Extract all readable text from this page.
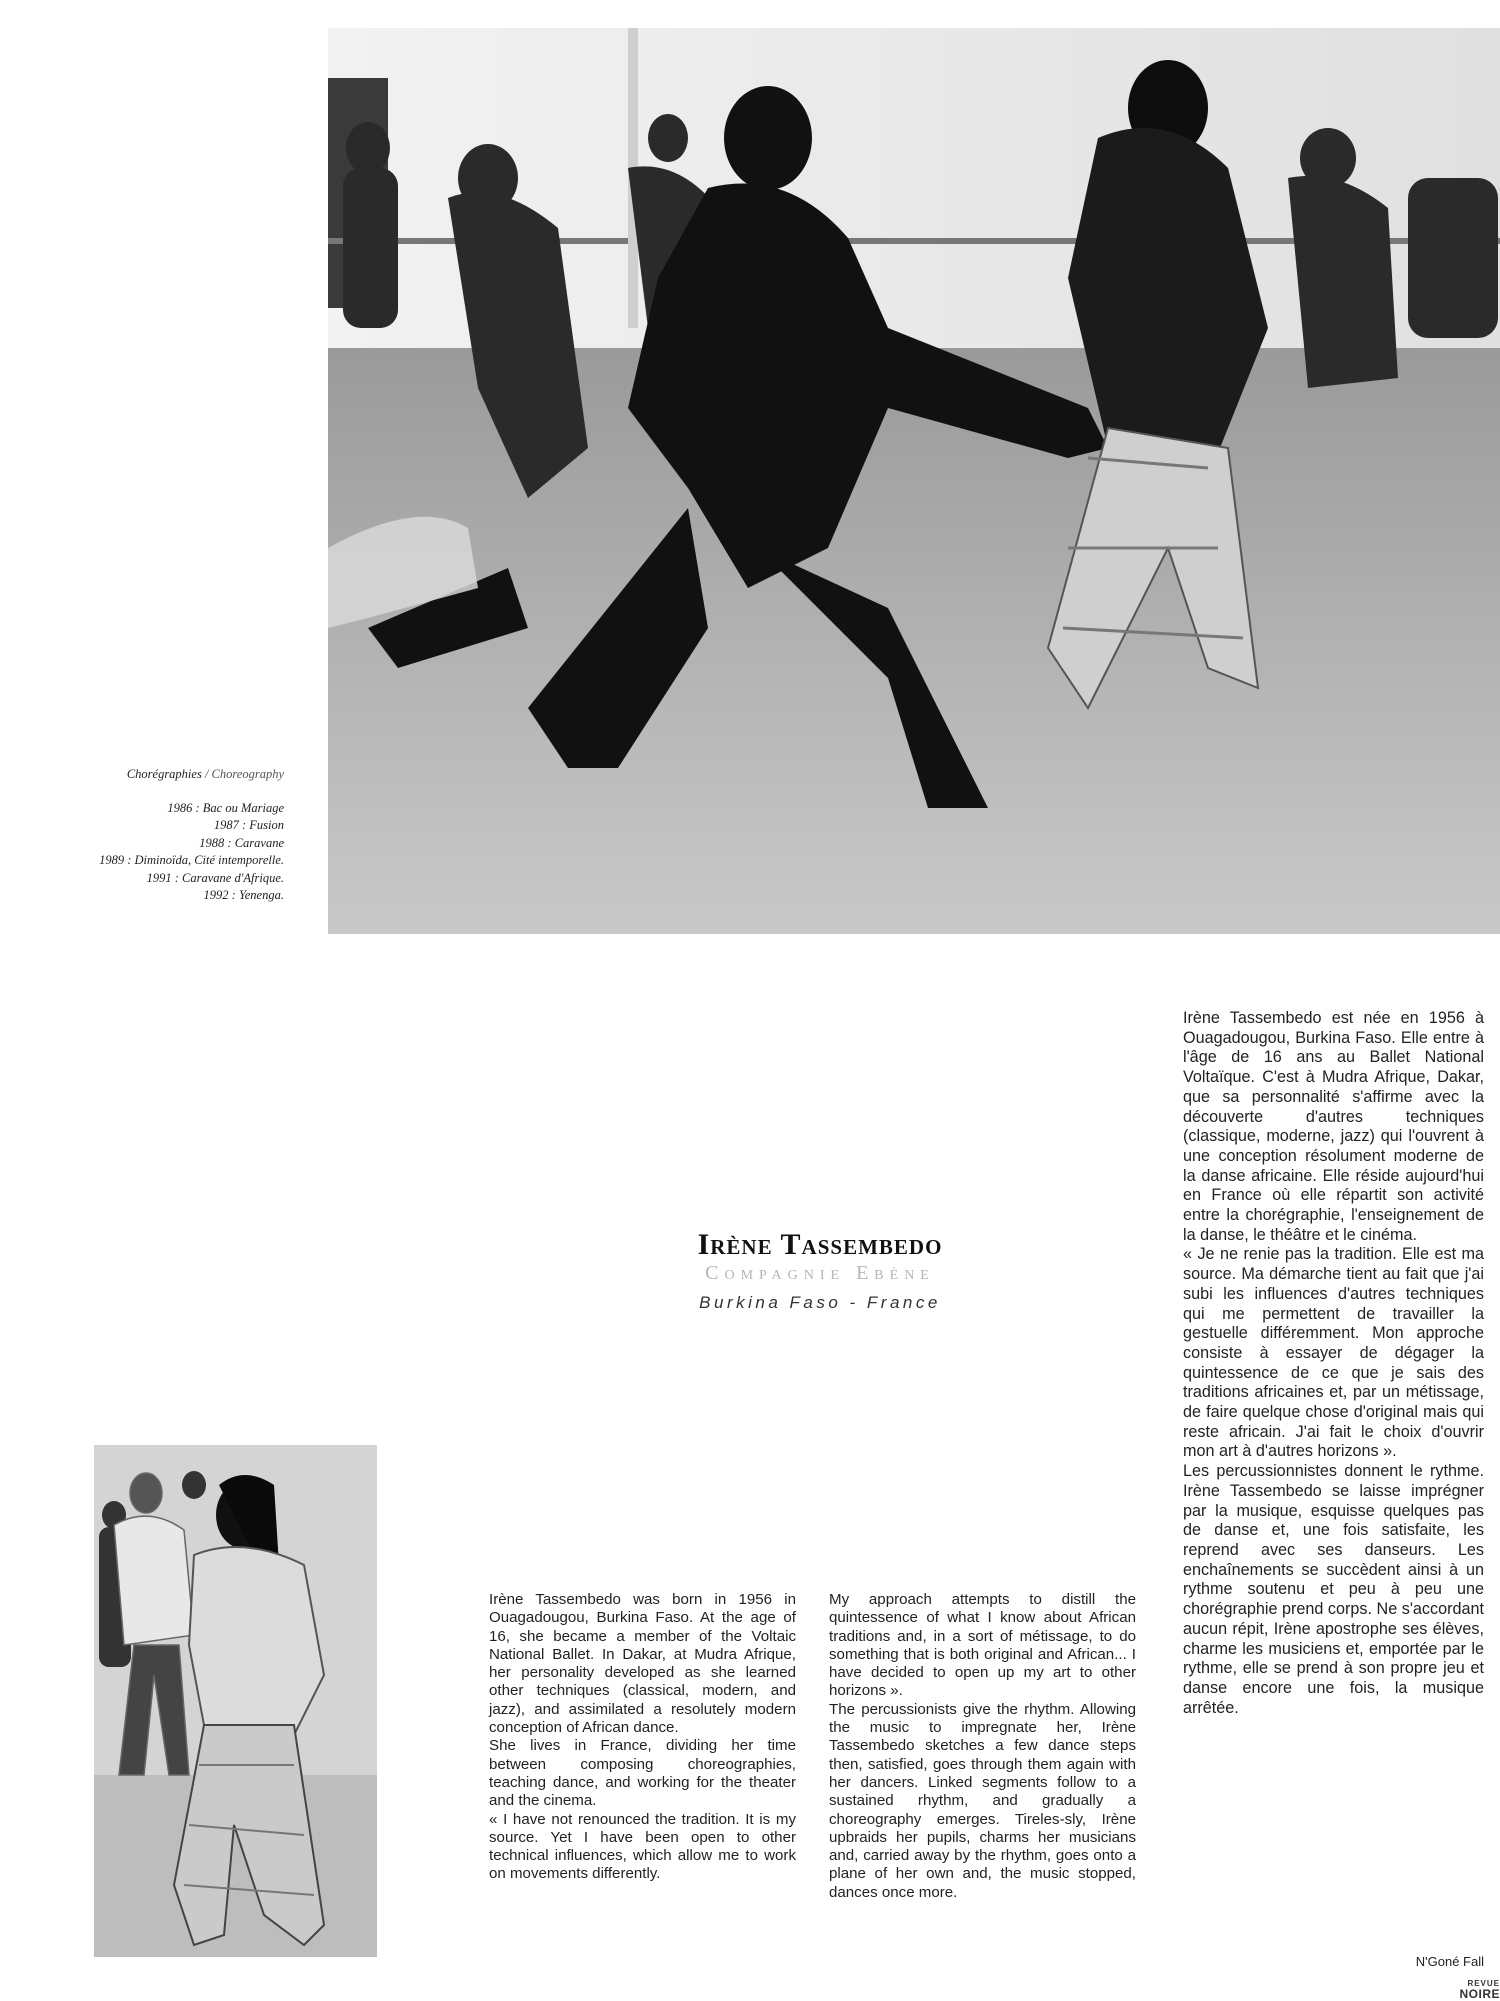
Chorégraphies / Choreography
1986 : Bac ou Mariage
1987 : Fusion
1988 : Caravane
1989 : Diminoïda, Cité intemporelle.
1991 : Caravane d'Afrique.
1992 : Yenenga.
Irène Tassembedo
Compagnie Ebène
Burkina Faso - France

Irène Tassembedo was born in 1956 in Ouagadougou, Burkina Faso. At the age of 16, she became a member of the Voltaic National Ballet. In Dakar, at Mudra Afrique, her personality developed as she learned other techniques (classical, modern, and jazz), and assimilated a resolutely modern conception of African dance.

She lives in France, dividing her time between composing choreographies, teaching dance, and working for the theater and the cinema.

« I have not renounced the tradition. It is my source. Yet I have been open to other technical influences, which allow me to work on movements differently.

My approach attempts to distill the quintessence of what I know about African traditions and, in a sort of métissage, to do something that is both original and African... I have decided to open up my art to other horizons ».

The percussionists give the rhythm. Allowing the music to impregnate her, Irène Tassembedo sketches a few dance steps then, satisfied, goes through them again with her dancers. Linked segments follow to a sustained rhythm, and gradually a choreography emerges. Tireles-sly, Irène upbraids her pupils, charms her musicians and, carried away by the rhythm, goes onto a plane of her own and, the music stopped, dances once more.

Irène Tassembedo est née en 1956 à Ouagadougou, Burkina Faso. Elle entre à l'âge de 16 ans au Ballet National Voltaïque. C'est à Mudra Afrique, Dakar, que sa personnalité s'affirme avec la découverte d'autres techniques (classique, moderne, jazz) qui l'ouvrent à une conception résolument moderne de la danse africaine. Elle réside aujourd'hui en France où elle répartit son activité entre la chorégraphie, l'enseignement de la danse, le théâtre et le cinéma.

« Je ne renie pas la tradition. Elle est ma source. Ma démarche tient au fait que j'ai subi les influences d'autres techniques qui me permettent de travailler la gestuelle différemment. Mon approche consiste à essayer de dégager la quintessence de ce que je sais des traditions africaines et, par un métissage, de faire quelque chose d'original mais qui reste africain. J'ai fait le choix d'ouvrir mon art à d'autres horizons ».

Les percussionnistes donnent le rythme. Irène Tassembedo se laisse imprégner par la musique, esquisse quelques pas de danse et, une fois satisfaite, les reprend avec ses danseurs. Les enchaînements se succèdent ainsi à un rythme soutenu et peu à peu une chorégraphie prend corps. Ne s'accordant aucun répit, Irène apostrophe ses élèves, charme les musiciens et, emportée par le rythme, elle se prend à son propre jeu et danse encore une fois, la musique arrêtée.

N'Goné Fall
REVUE
NOIRE
